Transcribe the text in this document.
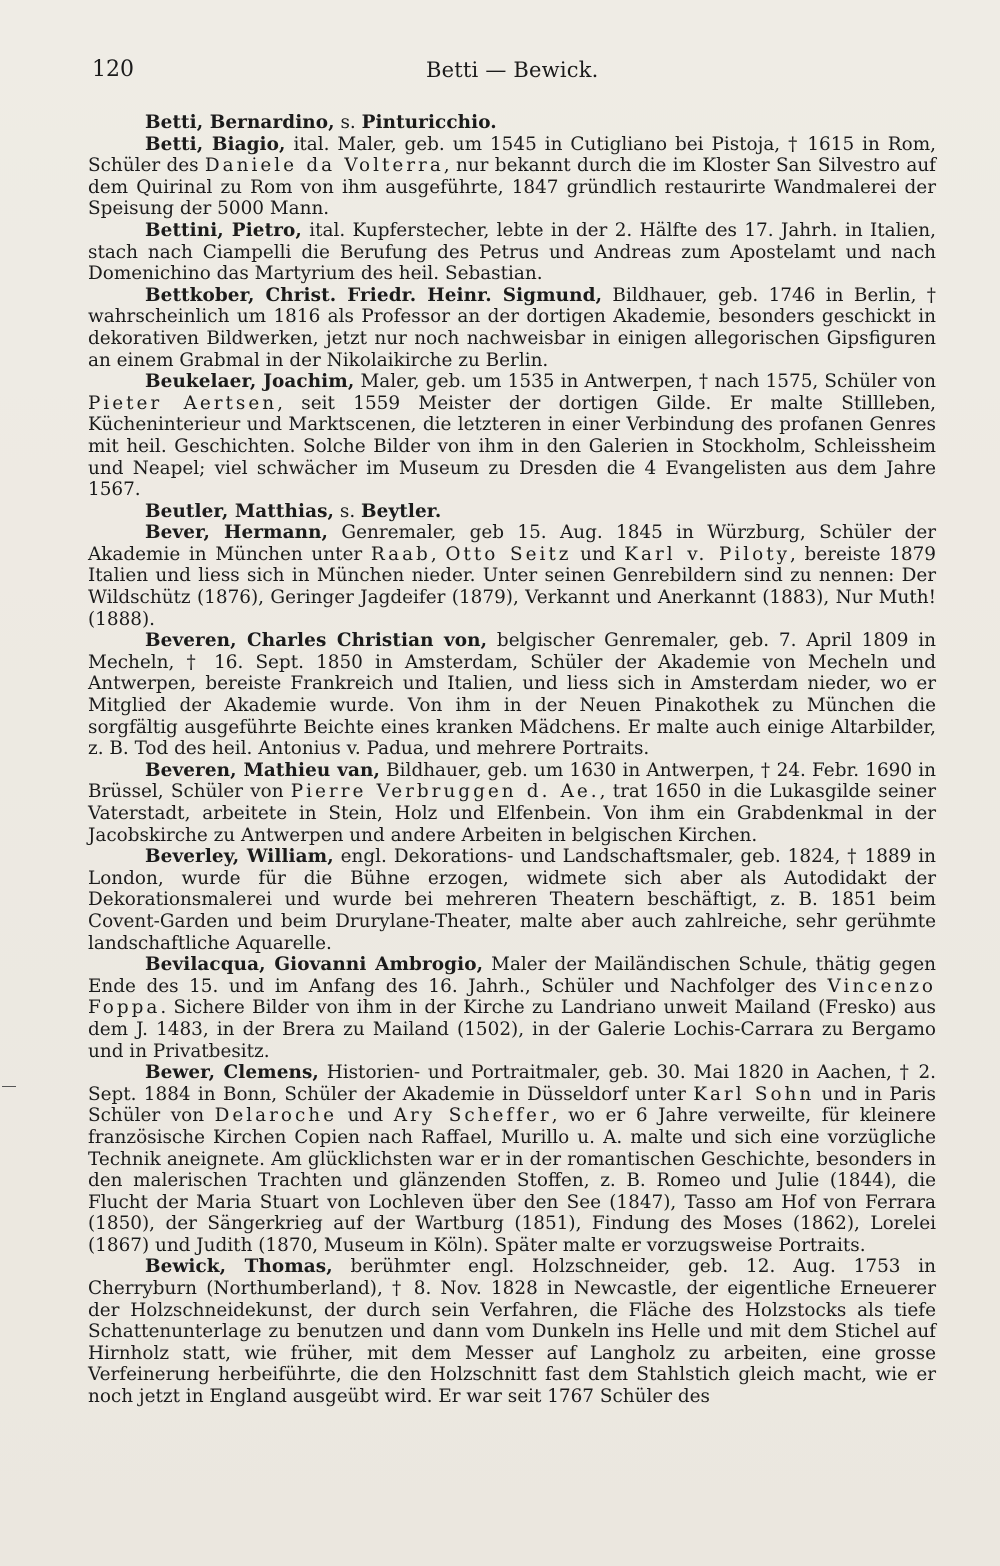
120	Betti — Bewick.

Betti, Bernardino, s. Pinturicchio.

Betti, Biagio, ital. Maler, geb. um 1545 in Cutigliano bei Pistoja, † 1615 in Rom, Schüler des Daniele da Volterra, nur bekannt durch die im Kloster San Silvestro auf dem Quirinal zu Rom von ihm ausgeführte, 1847 gründlich restaurirte Wandmalerei der Speisung der 5000 Mann.

Bettini, Pietro, ital. Kupferstecher, lebte in der 2. Hälfte des 17. Jahrh. in Italien, stach nach Ciampelli die Berufung des Petrus und Andreas zum Apostelamt und nach Domenichino das Martyrium des heil. Sebastian.

Bettkober, Christ. Friedr. Heinr. Sigmund, Bildhauer, geb. 1746 in Berlin, † wahrscheinlich um 1816 als Professor an der dortigen Akademie, besonders geschickt in dekorativen Bildwerken, jetzt nur noch nachweisbar in einigen allegorischen Gipsfiguren an einem Grabmal in der Nikolaikirche zu Berlin.

Beukelaer, Joachim, Maler, geb. um 1535 in Antwerpen, † nach 1575, Schüler von Pieter Aertsen, seit 1559 Meister der dortigen Gilde. Er malte Stillleben, Kücheninterieur und Marktscenen, die letzteren in einer Verbindung des profanen Genres mit heil. Geschichten. Solche Bilder von ihm in den Galerien in Stockholm, Schleissheim und Neapel; viel schwächer im Museum zu Dresden die 4 Evangelisten aus dem Jahre 1567.

Beutler, Matthias, s. Beytler.

Bever, Hermann, Genremaler, geb 15. Aug. 1845 in Würzburg, Schüler der Akademie in München unter Raab, Otto Seitz und Karl v. Piloty, bereiste 1879 Italien und liess sich in München nieder. Unter seinen Genrebildern sind zu nennen: Der Wildschütz (1876), Geringer Jagdeifer (1879), Verkannt und Anerkannt (1883), Nur Muth! (1888).

Beveren, Charles Christian von, belgischer Genremaler, geb. 7. April 1809 in Mecheln, † 16. Sept. 1850 in Amsterdam, Schüler der Akademie von Mecheln und Antwerpen, bereiste Frankreich und Italien, und liess sich in Amsterdam nieder, wo er Mitglied der Akademie wurde. Von ihm in der Neuen Pinakothek zu München die sorgfältig ausgeführte Beichte eines kranken Mädchens. Er malte auch einige Altarbilder, z. B. Tod des heil. Antonius v. Padua, und mehrere Portraits.

Beveren, Mathieu van, Bildhauer, geb. um 1630 in Antwerpen, † 24. Febr. 1690 in Brüssel, Schüler von Pierre Verbruggen d. Ae., trat 1650 in die Lukasgilde seiner Vaterstadt, arbeitete in Stein, Holz und Elfenbein. Von ihm ein Grabdenkmal in der Jacobskirche zu Antwerpen und andere Arbeiten in belgischen Kirchen.

Beverley, William, engl. Dekorations- und Landschaftsmaler, geb. 1824, † 1889 in London, wurde für die Bühne erzogen, widmete sich aber als Autodidakt der Dekorationsmalerei und wurde bei mehreren Theatern beschäftigt, z. B. 1851 beim Covent-Garden und beim Drurylane-Theater, malte aber auch zahlreiche, sehr gerühmte landschaftliche Aquarelle.

Bevilacqua, Giovanni Ambrogio, Maler der Mailändischen Schule, thätig gegen Ende des 15. und im Anfang des 16. Jahrh., Schüler und Nachfolger des Vincenzo Foppa. Sichere Bilder von ihm in der Kirche zu Landriano unweit Mailand (Fresko) aus dem J. 1483, in der Brera zu Mailand (1502), in der Galerie Lochis-Carrara zu Bergamo und in Privatbesitz.

Bewer, Clemens, Historien- und Portraitmaler, geb. 30. Mai 1820 in Aachen, † 2. Sept. 1884 in Bonn, Schüler der Akademie in Düsseldorf unter Karl Sohn und in Paris Schüler von Delaroche und Ary Scheffer, wo er 6 Jahre verweilte, für kleinere französische Kirchen Copien nach Raffael, Murillo u. A. malte und sich eine vorzügliche Technik aneignete. Am glücklichsten war er in der romantischen Geschichte, besonders in den malerischen Trachten und glänzenden Stoffen, z. B. Romeo und Julie (1844), die Flucht der Maria Stuart von Lochleven über den See (1847), Tasso am Hof von Ferrara (1850), der Sängerkrieg auf der Wartburg (1851), Findung des Moses (1862), Lorelei (1867) und Judith (1870, Museum in Köln). Später malte er vorzugsweise Portraits.

Bewick, Thomas, berühmter engl. Holzschneider, geb. 12. Aug. 1753 in Cherryburn (Northumberland), † 8. Nov. 1828 in Newcastle, der eigentliche Erneuerer der Holzschneidekunst, der durch sein Verfahren, die Fläche des Holzstocks als tiefe Schattenunterlage zu benutzen und dann vom Dunkeln ins Helle und mit dem Stichel auf Hirnholz statt, wie früher, mit dem Messer auf Langholz zu arbeiten, eine grosse Verfeinerung herbeiführte, die den Holzschnitt fast dem Stahlstich gleich macht, wie er noch jetzt in England ausgeübt wird. Er war seit 1767 Schüler des
